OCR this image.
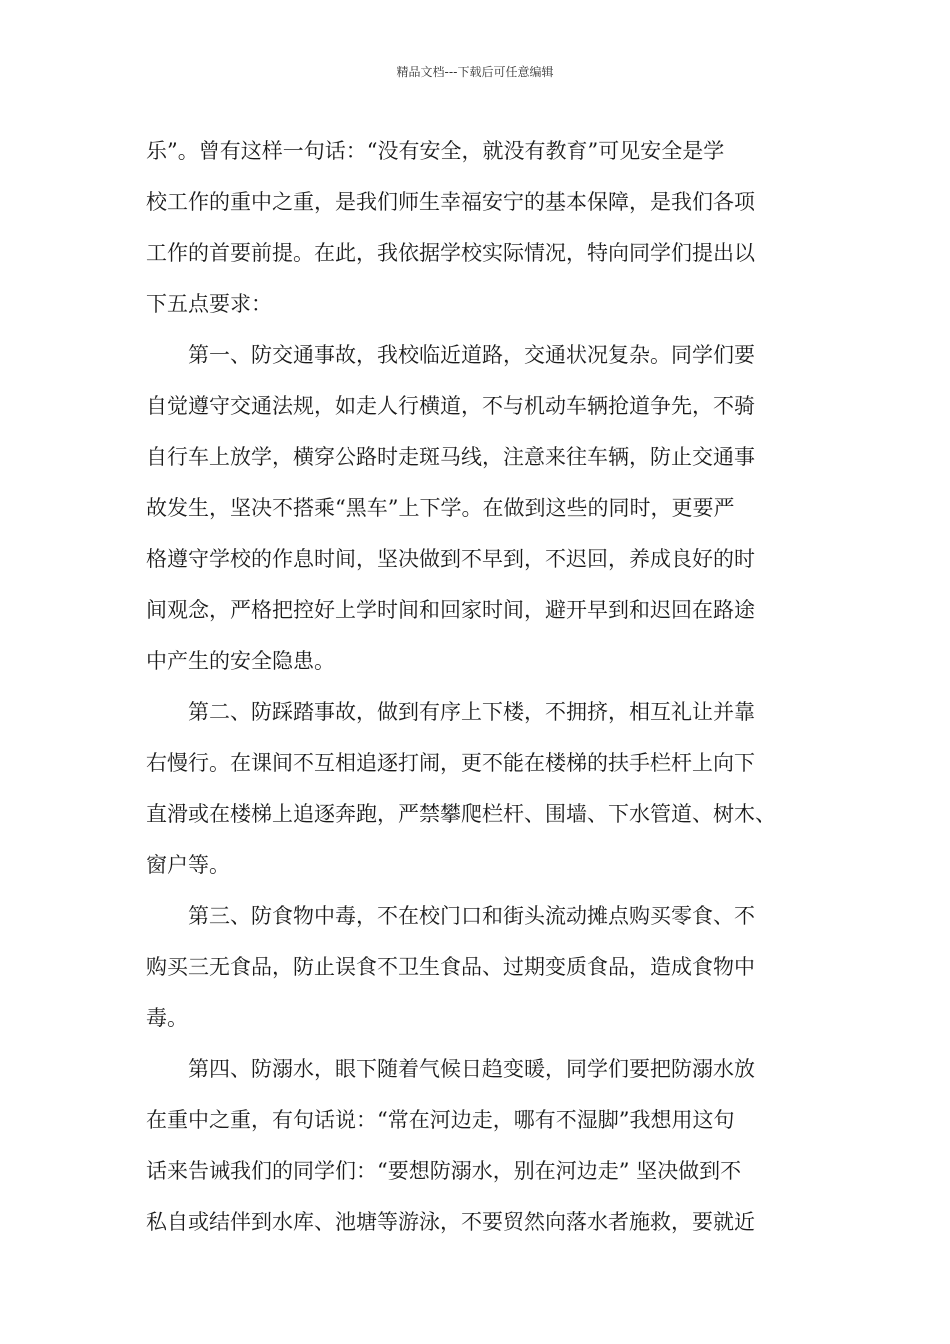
精品文档---下载后可任意编辑
乐”。曾有这样一句话：“没有安全，就没有教育”可见安全是学
校工作的重中之重，是我们师生幸福安宁的基本保障，是我们各项
工作的首要前提。在此，我依据学校实际情况，特向同学们提出以
下五点要求：
　　第一、防交通事故，我校临近道路，交通状况复杂。同学们要
自觉遵守交通法规，如走人行横道，不与机动车辆抢道争先，不骑
自行车上放学，横穿公路时走斑马线，注意来往车辆，防止交通事
故发生，坚决不搭乘“黑车”上下学。在做到这些的同时，更要严
格遵守学校的作息时间，坚决做到不早到，不迟回，养成良好的时
间观念，严格把控好上学时间和回家时间，避开早到和迟回在路途
中产生的安全隐患。
　　第二、防踩踏事故，做到有序上下楼，不拥挤，相互礼让并靠
右慢行。在课间不互相追逐打闹，更不能在楼梯的扶手栏杆上向下
直滑或在楼梯上追逐奔跑，严禁攀爬栏杆、围墙、下水管道、树木、
窗户等。
　　第三、防食物中毒，不在校门口和街头流动摊点购买零食、不
购买三无食品，防止误食不卫生食品、过期变质食品，造成食物中
毒。
　　第四、防溺水，眼下随着气候日趋变暖，同学们要把防溺水放
在重中之重，有句话说：“常在河边走，哪有不湿脚”我想用这句
话来告诫我们的同学们：“要想防溺水，别在河边走” 坚决做到不
私自或结伴到水库、池塘等游泳，不要贸然向落水者施救，要就近
